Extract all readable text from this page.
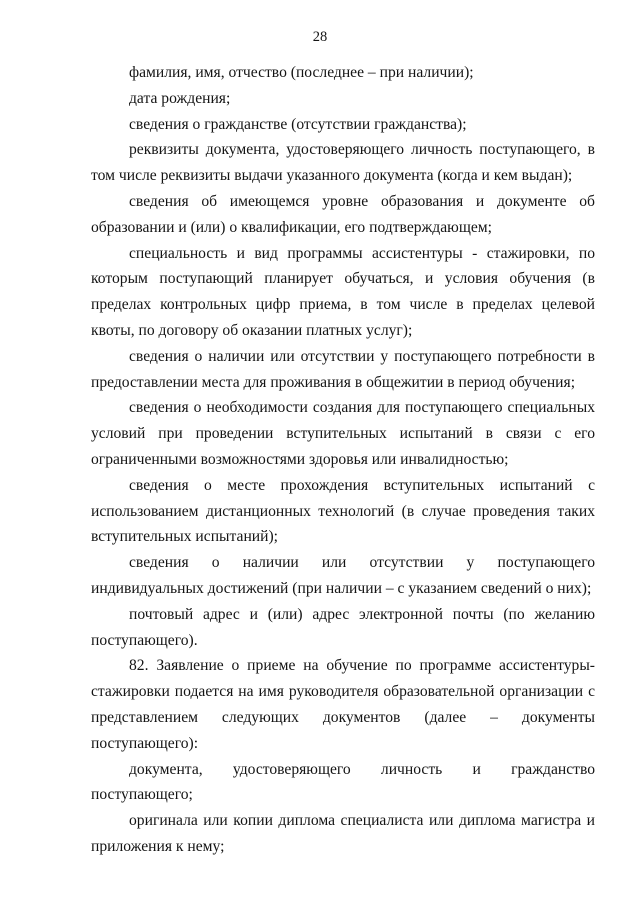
28

фамилия, имя, отчество (последнее – при наличии);

дата рождения;

сведения о гражданстве (отсутствии гражданства);

реквизиты документа, удостоверяющего личность поступающего, в том числе реквизиты выдачи указанного документа (когда и кем выдан);

сведения об имеющемся уровне образования и документе об образовании и (или) о квалификации, его подтверждающем;

специальность и вид программы ассистентуры - стажировки, по которым поступающий планирует обучаться, и условия обучения (в пределах контрольных цифр приема, в том числе в пределах целевой квоты, по договору об оказании платных услуг);

сведения о наличии или отсутствии у поступающего потребности в предоставлении места для проживания в общежитии в период обучения;

сведения о необходимости создания для поступающего специальных условий при проведении вступительных испытаний в связи с его ограниченными возможностями здоровья или инвалидностью;

сведения о месте прохождения вступительных испытаний с использованием дистанционных технологий (в случае проведения таких вступительных испытаний);

сведения о наличии или отсутствии у поступающего индивидуальных достижений (при наличии – с указанием сведений о них);

почтовый адрес и (или) адрес электронной почты (по желанию поступающего).

82. Заявление о приеме на обучение по программе ассистентуры-стажировки подается на имя руководителя образовательной организации с представлением следующих документов (далее – документы поступающего):

документа, удостоверяющего личность и гражданство поступающего;

оригинала или копии диплома специалиста или диплома магистра и приложения к нему;
